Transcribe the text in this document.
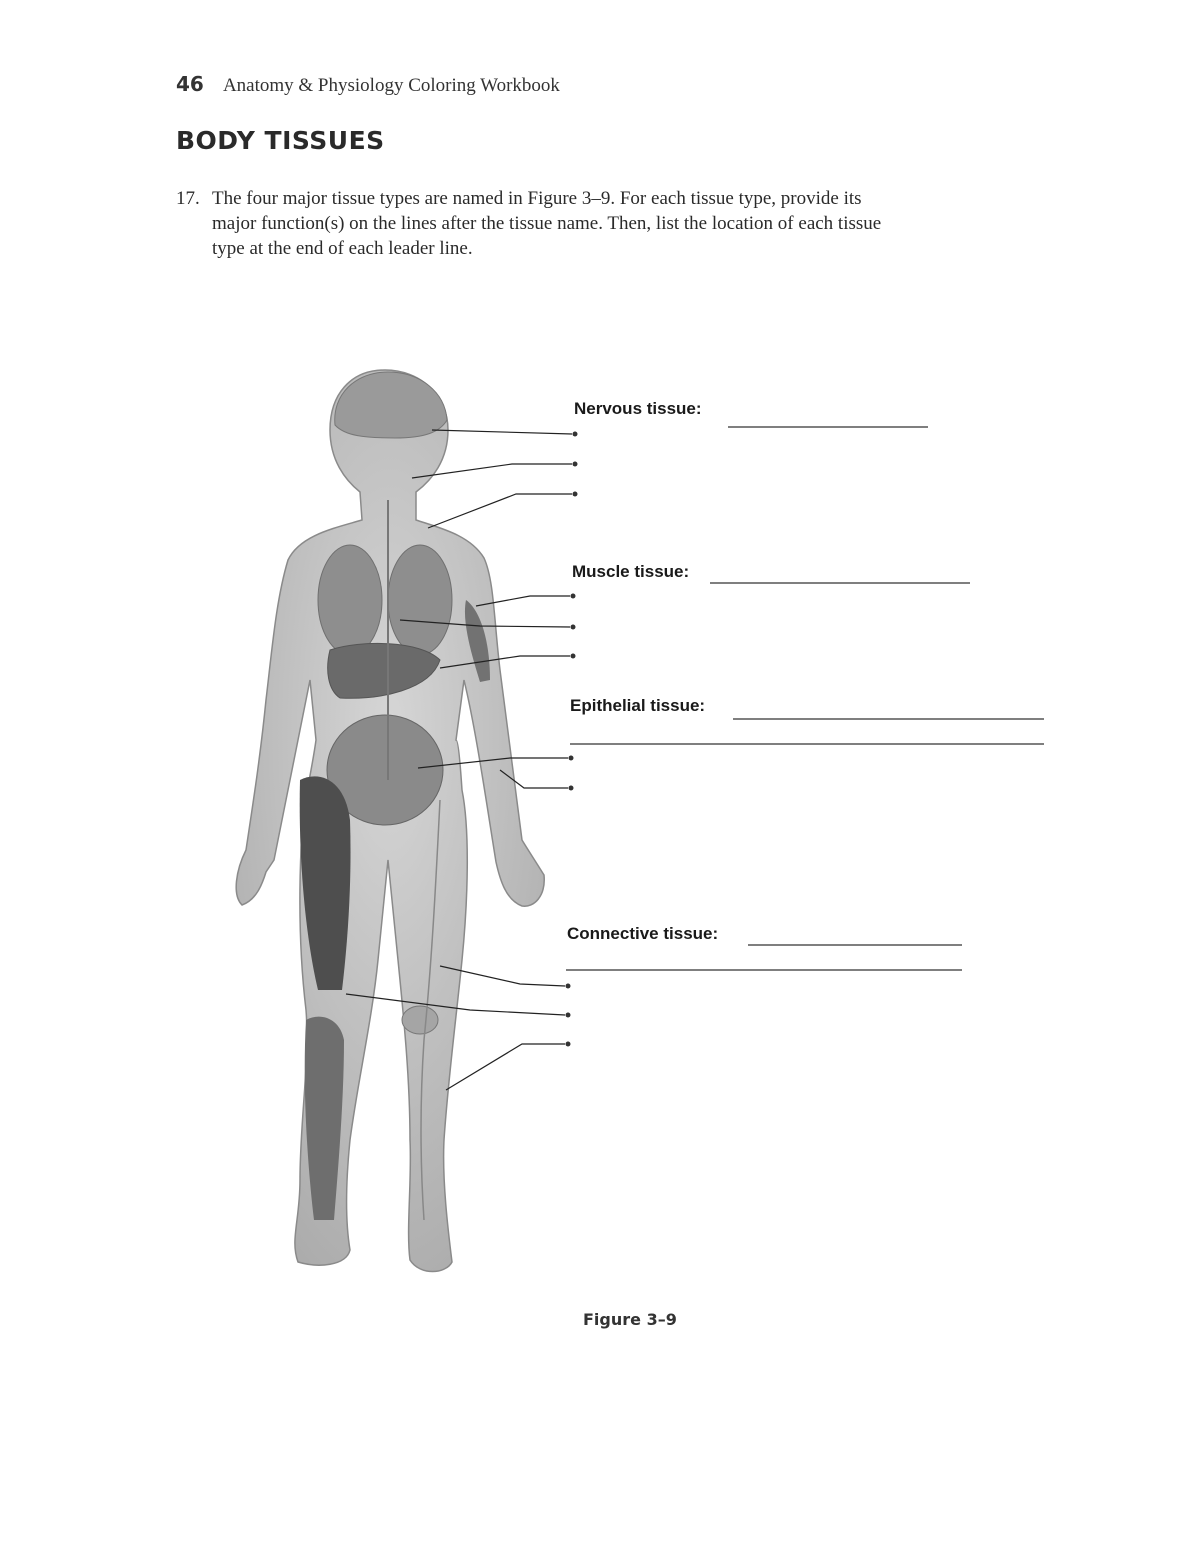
46 Anatomy & Physiology Coloring Workbook
BODY TISSUES
17. The four major tissue types are named in Figure 3–9. For each tissue type, provide its major function(s) on the lines after the tissue name. Then, list the location of each tissue type at the end of each leader line.
Nervous tissue:
Muscle tissue:
Epithelial tissue:
Connective tissue:
Figure 3–9
